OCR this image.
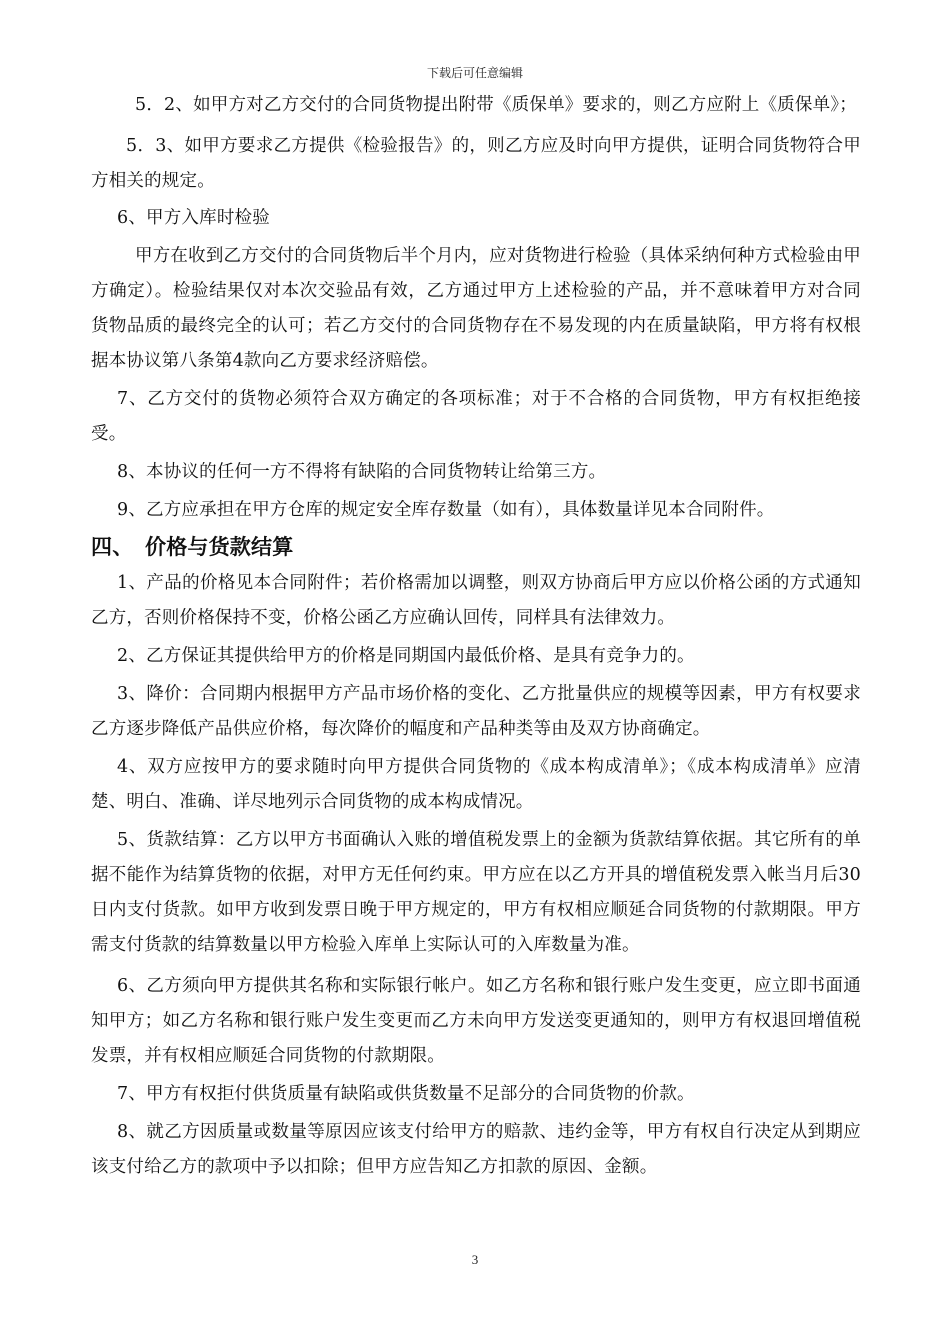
下载后可任意编辑

5．2、如甲方对乙方交付的合同货物提出附带《质保单》要求的，则乙方应附上《质保单》；

5．3、如甲方要求乙方提供《检验报告》的，则乙方应及时向甲方提供，证明合同货物符合甲方相关的规定。

6、甲方入库时检验

甲方在收到乙方交付的合同货物后半个月内，应对货物进行检验（具体采纳何种方式检验由甲方确定）。检验结果仅对本次交验品有效，乙方通过甲方上述检验的产品，并不意味着甲方对合同货物品质的最终完全的认可；若乙方交付的合同货物存在不易发现的内在质量缺陷，甲方将有权根据本协议第八条第4款向乙方要求经济赔偿。

7、乙方交付的货物必须符合双方确定的各项标准；对于不合格的合同货物，甲方有权拒绝接受。

8、本协议的任何一方不得将有缺陷的合同货物转让给第三方。

9、乙方应承担在甲方仓库的规定安全库存数量（如有），具体数量详见本合同附件。

四、 价格与货款结算

1、产品的价格见本合同附件；若价格需加以调整，则双方协商后甲方应以价格公函的方式通知乙方，否则价格保持不变，价格公函乙方应确认回传，同样具有法律效力。

2、乙方保证其提供给甲方的价格是同期国内最低价格、是具有竞争力的。

3、降价：合同期内根据甲方产品市场价格的变化、乙方批量供应的规模等因素，甲方有权要求乙方逐步降低产品供应价格，每次降价的幅度和产品种类等由及双方协商确定。

4、双方应按甲方的要求随时向甲方提供合同货物的《成本构成清单》；《成本构成清单》应清楚、明白、准确、详尽地列示合同货物的成本构成情况。

5、货款结算：乙方以甲方书面确认入账的增值税发票上的金额为货款结算依据。其它所有的单据不能作为结算货物的依据，对甲方无任何约束。甲方应在以乙方开具的增值税发票入帐当月后30日内支付货款。如甲方收到发票日晚于甲方规定的，甲方有权相应顺延合同货物的付款期限。甲方需支付货款的结算数量以甲方检验入库单上实际认可的入库数量为准。

6、乙方须向甲方提供其名称和实际银行帐户。如乙方名称和银行账户发生变更，应立即书面通知甲方；如乙方名称和银行账户发生变更而乙方未向甲方发送变更通知的，则甲方有权退回增值税发票，并有权相应顺延合同货物的付款期限。

7、甲方有权拒付供货质量有缺陷或供货数量不足部分的合同货物的价款。

8、就乙方因质量或数量等原因应该支付给甲方的赔款、违约金等，甲方有权自行决定从到期应该支付给乙方的款项中予以扣除；但甲方应告知乙方扣款的原因、金额。

3
